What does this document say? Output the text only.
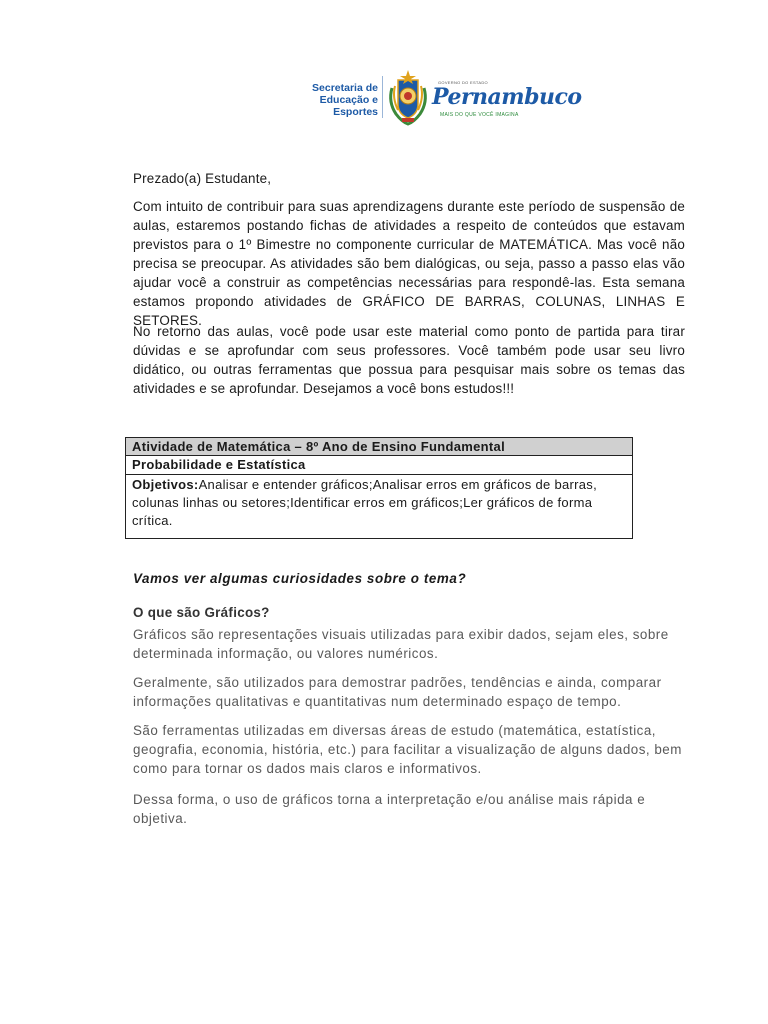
Secretaria de
Educação e Esportes
GOVERNO DO ESTADO
Pernambuco
MAIS DO QUE VOCÊ IMAGINA

Prezado(a) Estudante,

Com intuito de contribuir para suas aprendizagens durante este período de suspensão de aulas, estaremos postando fichas de atividades a respeito de conteúdos que estavam previstos para o 1º Bimestre no componente curricular de MATEMÁTICA. Mas você não precisa se preocupar. As atividades são bem dialógicas, ou seja, passo a passo elas vão ajudar você a construir as competências necessárias para respondê-las. Esta semana estamos propondo atividades de GRÁFICO DE BARRAS, COLUNAS, LINHAS E SETORES.

No retorno das aulas, você pode usar este material como ponto de partida para tirar dúvidas e se aprofundar com seus professores. Você também pode usar seu livro didático, ou outras ferramentas que possua para pesquisar mais sobre os temas das atividades e se aprofundar. Desejamos a você bons estudos!!!

Atividade de Matemática – 8º Ano de Ensino Fundamental
Probabilidade e Estatística
Objetivos:Analisar e entender gráficos;Analisar erros em gráficos de barras, colunas linhas ou setores;Identificar erros em gráficos;Ler gráficos de forma crítica.
Vamos ver algumas curiosidades sobre o tema?
O que são Gráficos?

Gráficos são representações visuais utilizadas para exibir dados, sejam eles, sobre determinada informação, ou valores numéricos.

Geralmente, são utilizados para demostrar padrões, tendências e ainda, comparar informações qualitativas e quantitativas num determinado espaço de tempo.

São ferramentas utilizadas em diversas áreas de estudo (matemática, estatística, geografia, economia, história, etc.) para facilitar a visualização de alguns dados, bem como para tornar os dados mais claros e informativos.

Dessa forma, o uso de gráficos torna a interpretação e/ou análise mais rápida e objetiva.
